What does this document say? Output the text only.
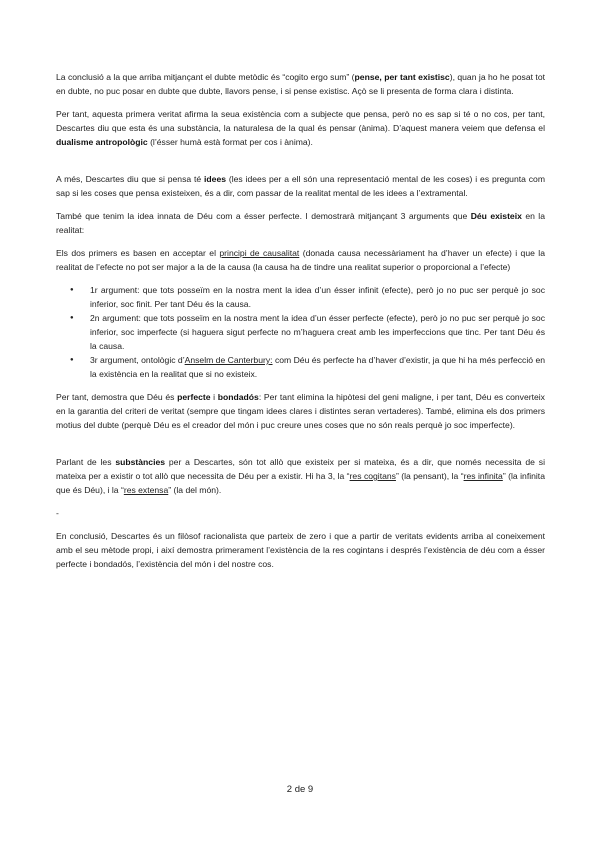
La conclusió a la que arriba mitjançant el dubte metòdic és “cogito ergo sum” (pense, per tant existisc), quan ja ho he posat tot en dubte, no puc posar en dubte que dubte, llavors pense, i si pense existisc. Açò se li presenta de forma clara i distinta.

Per tant, aquesta primera veritat afirma la seua existència com a subjecte que pensa, però no es sap si té o no cos, per tant, Descartes diu que esta és una substància, la naturalesa de la qual és pensar (ànima). D’aquest manera veiem que defensa el dualisme antropològic (l’ésser humà està format per cos i ànima).

A més, Descartes diu que si pensa té idees (les idees per a ell són una representació mental de les coses) i es pregunta com sap si les coses que pensa existeixen, és a dir, com passar de la realitat mental de les idees a l’extramental.

També que tenim la idea innata de Déu com a ésser perfecte. I demostrarà mitjançant 3 arguments que Déu existeix en la realitat:

Els dos primers es basen en acceptar el principi de causalitat (donada causa necessàriament ha d’haver un efecte) i que la realitat de l’efecte no pot ser major a la de la causa (la causa ha de tindre una realitat superior o proporcional a l’efecte)

● 1r argument: que tots posseïm en la nostra ment la idea d’un ésser infinit (efecte), però jo no puc ser perquè jo soc inferior, soc finit. Per tant Déu és la causa.
● 2n argument: que tots posseïm en la nostra ment la idea d’un ésser perfecte (efecte), però jo no puc ser perquè jo soc inferior, soc imperfecte (si haguera sigut perfecte no m’haguera creat amb les imperfeccions que tinc. Per tant Déu és la causa.
● 3r argument, ontològic d’Anselm de Canterbury: com Déu és perfecte ha d’haver d’existir, ja que hi ha més perfecció en la existència en la realitat que si no existeix.

Per tant, demostra que Déu és perfecte i bondadós: Per tant elimina la hipòtesi del geni maligne, i per tant, Déu es converteix en la garantia del criteri de veritat (sempre que tingam idees clares i distintes seran vertaderes). També, elimina els dos primers motius del dubte (perquè Déu es el creador del món i puc creure unes coses que no són reals perquè jo soc imperfecte).

Parlant de les substàncies per a Descartes, són tot allò que existeix per si mateixa, és a dir, que només necessita de si mateixa per a existir o tot allò que necessita de Déu per a existir. Hi ha 3, la “res cogitans” (la pensant), la “res infinita” (la infinita que és Déu), i la “res extensa” (la del món).

-

En conclusió, Descartes és un filòsof racionalista que parteix de zero i que a partir de veritats evidents arriba al coneixement amb el seu mètode propi, i així demostra primerament l’existència de la res cogintans i després l’existència de déu com a ésser perfecte i bondadós, l’existència del món i del nostre cos.

2 de 9
